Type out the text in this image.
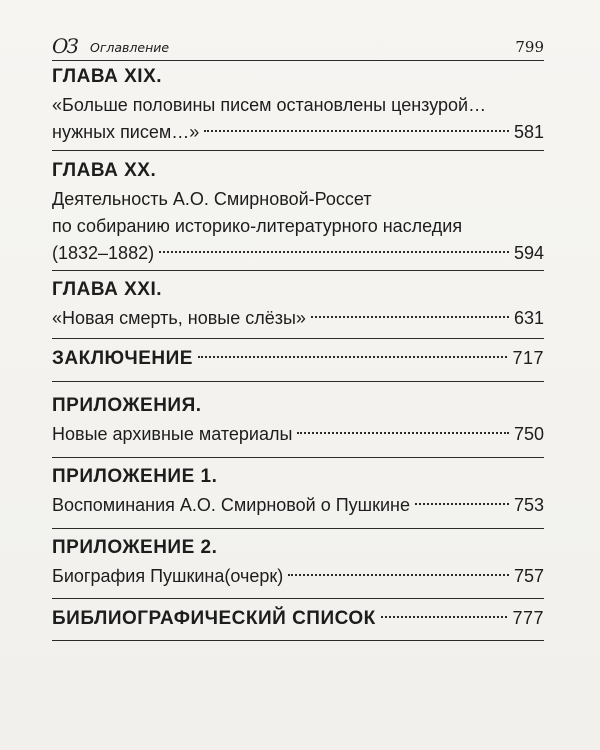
ОЗ Оглавление	799
ГЛАВА XIX.
«Больше половины писем остановлены цензурой…
нужных писем…»	581
ГЛАВА XX.
Деятельность А.О. Смирновой-Россет
по собиранию историко-литературного наследия
(1832–1882)	594
ГЛАВА XXI.
«Новая смерть, новые слёзы»	631
ЗАКЛЮЧЕНИЕ	717
ПРИЛОЖЕНИЯ.
Новые архивные материалы	750
ПРИЛОЖЕНИЕ 1.
Воспоминания А.О. Смирновой о Пушкине	753
ПРИЛОЖЕНИЕ 2.
Биография Пушкина(очерк)	757
БИБЛИОГРАФИЧЕСКИЙ СПИСОК	777
